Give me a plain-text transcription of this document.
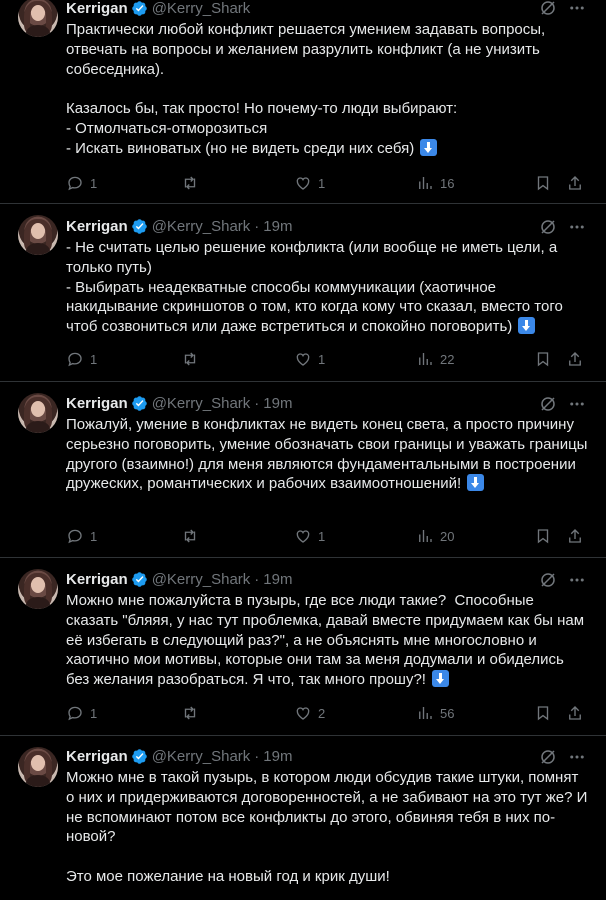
Kerrigan @Kerry_Shark
Практически любой конфликт решается умением задавать вопросы, отвечать на вопросы и желанием разрулить конфликт (а не унизить собеседника).

Казалось бы, так просто! Но почему-то люди выбирают:
- Отмолчаться-отморозиться
- Искать виноватых (но не видеть среди них себя)
1	1	16
Kerrigan @Kerry_Shark · 19m
- Не считать целью решение конфликта (или вообще не иметь цели, а только путь)
- Выбирать неадекватные способы коммуникации (хаотичное накидывание скриншотов о том, кто когда кому что сказал, вместо того чтоб созвониться или даже встретиться и спокойно поговорить)
1	1	22
Kerrigan @Kerry_Shark · 19m
Пожалуй, умение в конфликтах не видеть конец света, а просто причину серьезно поговорить, умение обозначать свои границы и уважать границы другого (взаимно!) для меня являются фундаментальными в построении дружеских, романтических и рабочих взаимоотношений!
1	1	20
Kerrigan @Kerry_Shark · 19m
Можно мне пожалуйста в пузырь, где все люди такие?  Способные сказать "бляяя, у нас тут проблемка, давай вместе придумаем как бы нам её избегать в следующий раз?", а не объяснять мне многословно и хаотично мои мотивы, которые они там за меня додумали и обиделись без желания разобраться. Я что, так много прошу?!
1	2	56
Kerrigan @Kerry_Shark · 19m
Можно мне в такой пузырь, в котором люди обсудив такие штуки, помнят о них и придерживаются договоренностей, а не забивают на это тут же? И не вспоминают потом все конфликты до этого, обвиняя тебя в них по-новой?

Это мое пожелание на новый год и крик души!
